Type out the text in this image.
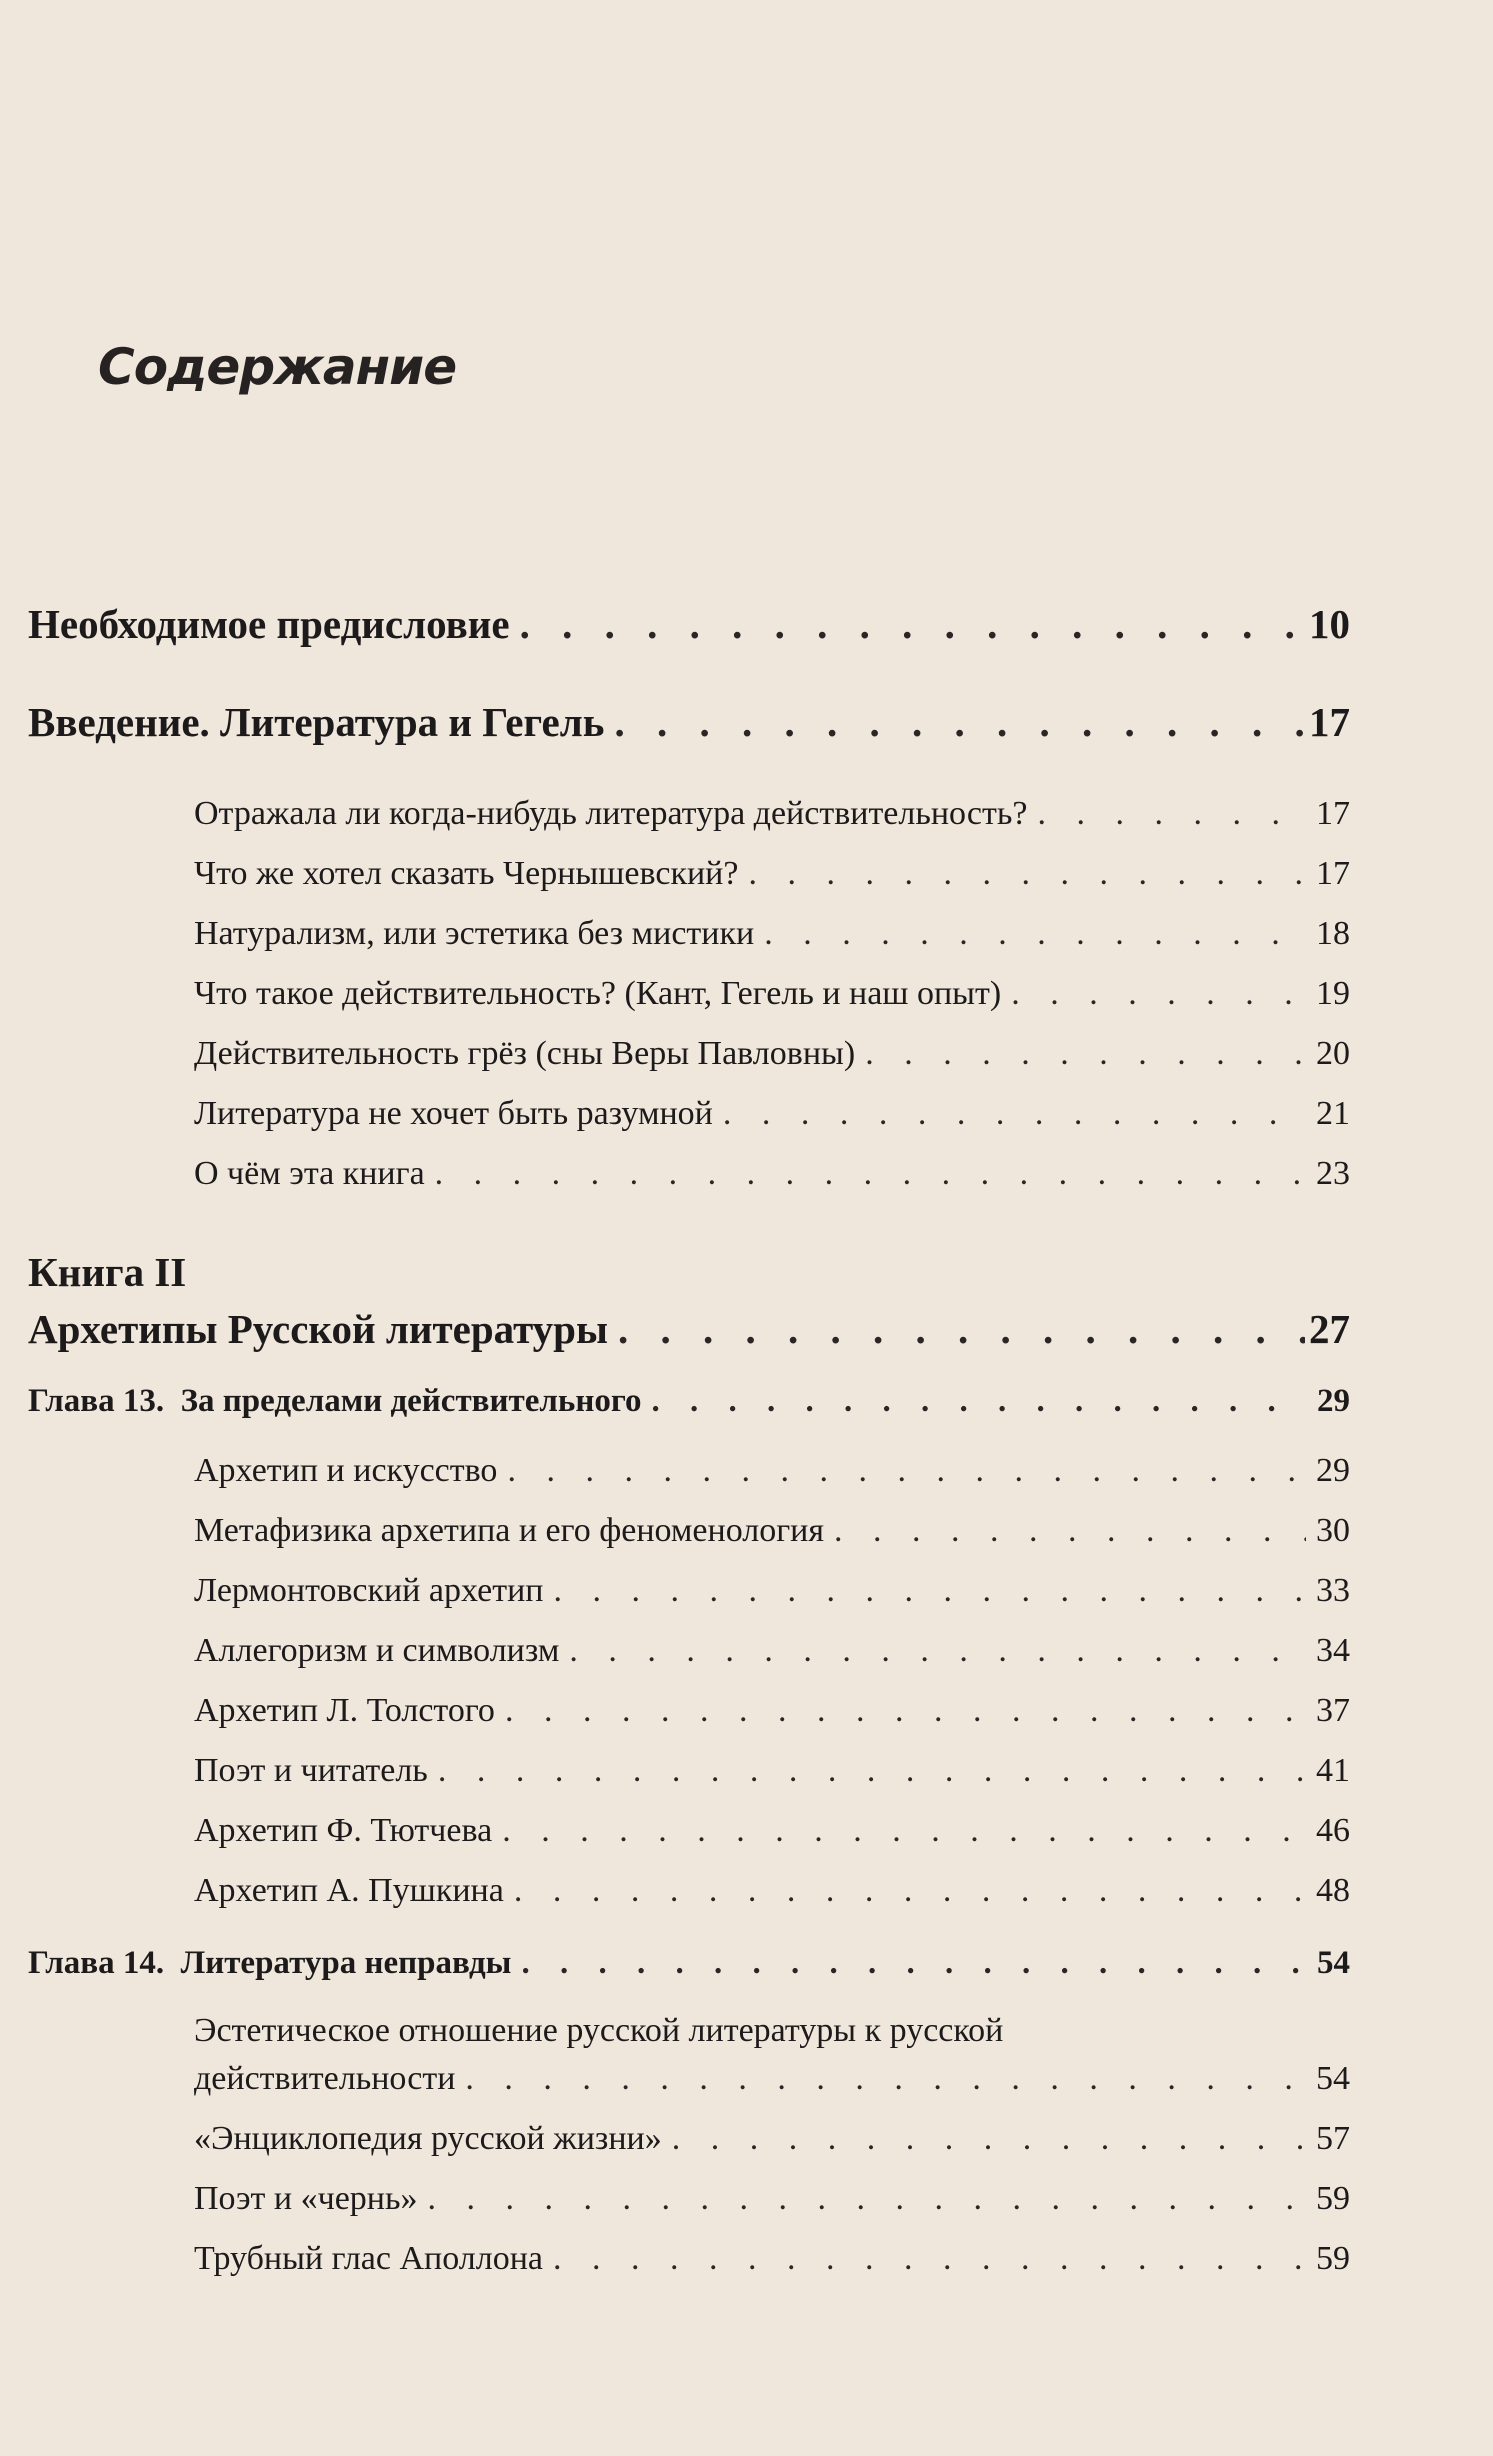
Содержание
Необходимое предисловие . . .	10
Введение. Литература и Гегель . . .	17
Отражала ли когда-нибудь литература действительность? . . .	17
Что же хотел сказать Чернышевский? . . .	17
Натурализм, или эстетика без мистики . . .	18
Что такое действительность? (Кант, Гегель и наш опыт) . . .	19
Действительность грёз (сны Веры Павловны) . . .	20
Литература не хочет быть разумной . . .	21
О чём эта книга . . .	23
Книга II
Архетипы Русской литературы . . .	27
Глава 13.  За пределами действительного . . .	29
Архетип и искусство . . .	29
Метафизика архетипа и его феноменология . . .	30
Лермонтовский архетип . . .	33
Аллегоризм и символизм . . .	34
Архетип Л. Толстого . . .	37
Поэт и читатель . . .	41
Архетип Ф. Тютчева . . .	46
Архетип А. Пушкина . . .	48
Глава 14.  Литература неправды . . .	54
Эстетическое отношение русской литературы к русской
действительности . . .	54
«Энциклопедия русской жизни» . . .	57
Поэт и «чернь» . . .	59
Трубный глас Аполлона . . .	59
